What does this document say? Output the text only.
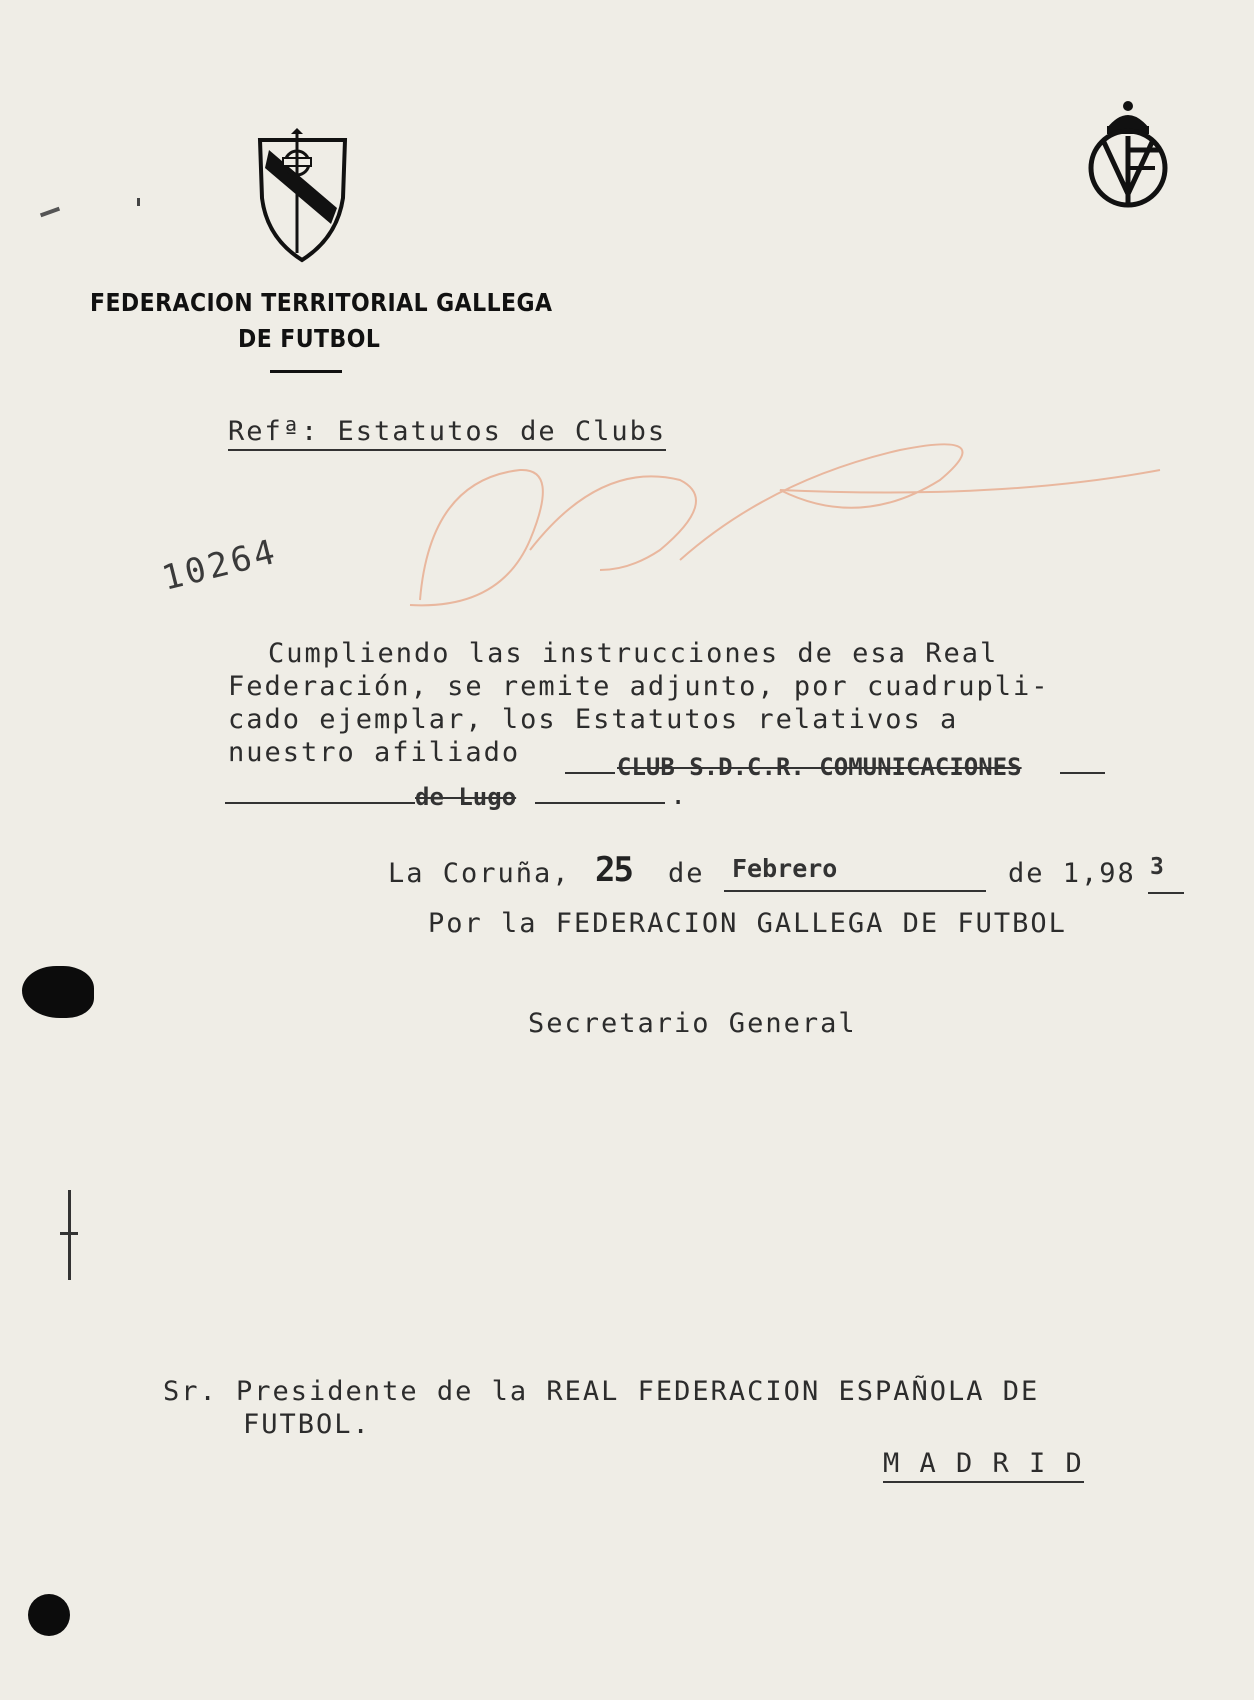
FEDERACION TERRITORIAL GALLEGA
DE FUTBOL
Refª: Estatutos de Clubs
10264
Cumpliendo las instrucciones de esa Real
Federación, se remite adjunto, por cuadrupli-
cado ejemplar, los Estatutos relativos a
nuestro afiliado	CLUB S.D.C.R. COMUNICACIONES
de Lugo	.
La Coruña, 25 de Febrero	de 1,98 3
Por la FEDERACION GALLEGA DE FUTBOL
Secretario General
Sr. Presidente de la REAL FEDERACION ESPAÑOLA DE
FUTBOL.
M A D R I D
